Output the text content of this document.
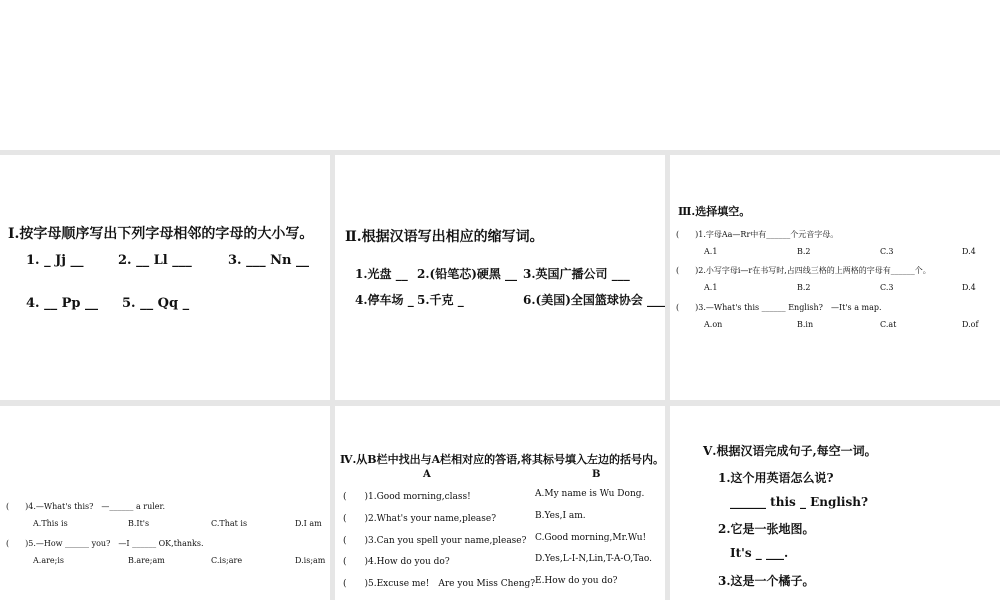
Ⅰ.按字母顺序写出下列字母相邻的字母的大小写。
1. _ Jj __	2. __ Ll ___	3. ___ Nn __
4. __ Pp __ 5. __ Qq _
Ⅱ.根据汉语写出相应的缩写词。
1.光盘 __ 2.(铅笔芯)硬黑 __ 3.英国广播公司 ___
4.停车场 _ 5.千克 _	6.(美国)全国篮球协会 ___
Ⅲ.选择填空。
(　　)1.字母Aa—Rr中有______个元音字母。
A.1	B.2	C.3	D.4
(　　)2.小写字母i—r在书写时,占四线三格的上两格的字母有______个。
A.1	B.2	C.3	D.4
(　　)3.—What's this ______ English?　—It's a map.
A.on	B.in	C.at	D.of
(　　)4.—What's this?　—______ a ruler.
A.This is	B.It's	C.That is	D.I am
(　　)5.—How ______ you?　—I ______ OK,thanks.
A.are;is	B.are;am	C.is;are	D.is;am
Ⅳ.从B栏中找出与A栏相对应的答语,将其标号填入左边的括号内。
A	B
(　　)1.Good morning,class!	A.My name is Wu Dong.
(　　)2.What's your name,please?	B.Yes,I am.
(　　)3.Can you spell your name,please? C.Good morning,Mr.Wu!
(　　)4.How do you do?	D.Yes,L-I-N,Lin,T-A-O,Tao.
(　　)5.Excuse me!　Are you Miss Cheng? E.How do you do?
Ⅴ.根据汉语完成句子,每空一词。
1.这个用英语怎么说?
______ this _ English?
2.它是一张地图。
It's _ ___.
3.这是一个橘子。
